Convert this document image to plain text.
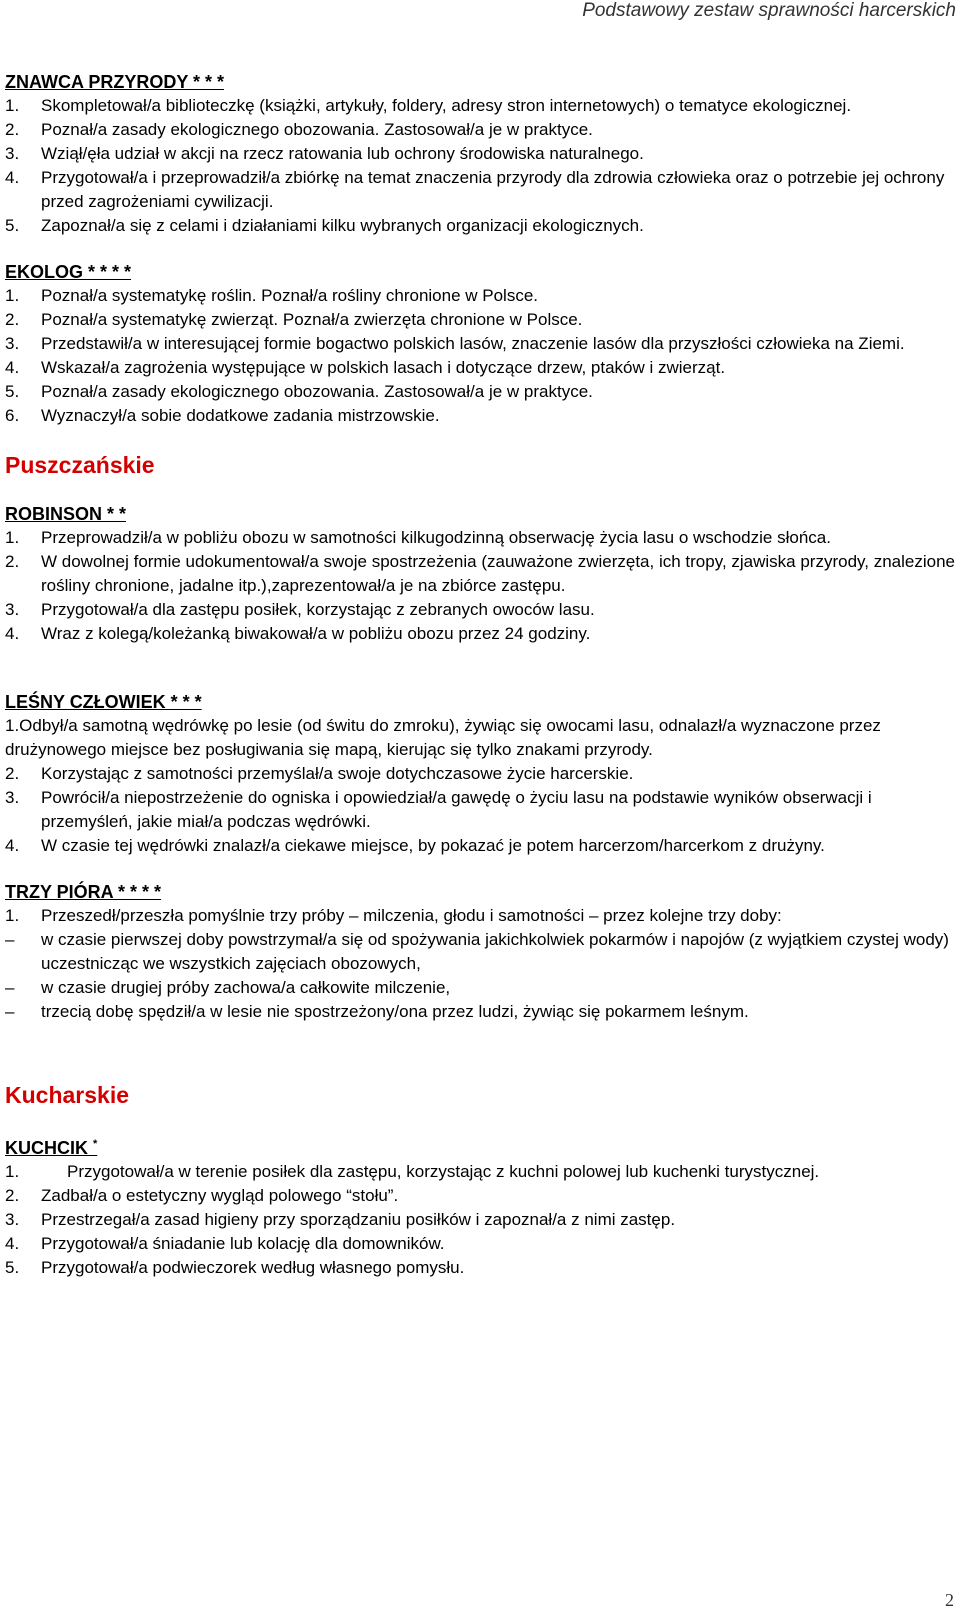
Podstawowy zestaw sprawności harcerskich

ZNAWCA PRZYRODY * * *

1. Skompletował/a biblioteczkę (książki, artykuły, foldery, adresy stron internetowych) o tematyce ekologicznej.
2. Poznał/a zasady ekologicznego obozowania. Zastosował/a je w praktyce.
3. Wziął/ęła udział w akcji na rzecz ratowania lub ochrony środowiska naturalnego.
4. Przygotował/a i przeprowadził/a zbiórkę na temat znaczenia przyrody dla zdrowia człowieka oraz o potrzebie jej ochrony przed zagrożeniami cywilizacji.
5. Zapoznał/a się z celami i działaniami kilku wybranych organizacji ekologicznych.

EKOLOG * * * *

1. Poznał/a systematykę roślin. Poznał/a rośliny chronione w Polsce.
2. Poznał/a systematykę zwierząt. Poznał/a zwierzęta chronione w Polsce.
3. Przedstawił/a w interesującej formie bogactwo polskich lasów, znaczenie lasów dla przyszłości człowieka na Ziemi.
4. Wskazał/a zagrożenia występujące w polskich lasach i dotyczące drzew, ptaków i zwierząt.
5. Poznał/a zasady ekologicznego obozowania. Zastosował/a je w praktyce.
6. Wyznaczył/a sobie dodatkowe zadania mistrzowskie.

Puszczańskie

ROBINSON * *

1. Przeprowadził/a w pobliżu obozu w samotności kilkugodzinną obserwację życia lasu o wschodzie słońca.
2. W dowolnej formie udokumentował/a swoje spostrzeżenia (zauważone zwierzęta, ich tropy, zjawiska przyrody, znalezione rośliny chronione, jadalne itp.),zaprezentował/a je na zbiórce zastępu.
3. Przygotował/a dla zastępu posiłek, korzystając z zebranych owoców lasu.
4. Wraz z kolegą/koleżanką biwakował/a w pobliżu obozu przez 24 godziny.

LEŚNY CZŁOWIEK * * *

1.Odbył/a samotną wędrówkę po lesie (od świtu do zmroku), żywiąc się owocami lasu, odnalazł/a wyznaczone przez drużynowego miejsce bez posługiwania się mapą, kierując się tylko znakami przyrody.
2. Korzystając z samotności przemyślał/a swoje dotychczasowe życie harcerskie.
3. Powrócił/a niepostrzeżenie do ogniska i opowiedział/a gawędę o życiu lasu na podstawie wyników obserwacji i przemyśleń, jakie miał/a podczas wędrówki.
4. W czasie tej wędrówki znalazł/a ciekawe miejsce, by pokazać je potem harcerzom/harcerkom z drużyny.

TRZY PIÓRA * * * *

1. Przeszedł/przeszła pomyślnie trzy próby – milczenia, głodu i samotności – przez kolejne trzy doby:
– w czasie pierwszej doby powstrzymał/a się od spożywania jakichkolwiek pokarmów i napojów (z wyjątkiem czystej wody) uczestnicząc we wszystkich zajęciach obozowych,
– w czasie drugiej próby zachowa/a całkowite milczenie,
– trzecią dobę spędził/a w lesie nie spostrzeżony/ona przez ludzi, żywiąc się pokarmem leśnym.

Kucharskie

KUCHCIK *

1.	Przygotował/a w terenie posiłek dla zastępu, korzystając z kuchni polowej lub kuchenki turystycznej.
2. Zadbał/a o estetyczny wygląd polowego “stołu”.
3. Przestrzegał/a zasad higieny przy sporządzaniu posiłków i zapoznał/a z nimi zastęp.
4. Przygotował/a śniadanie lub kolację dla domowników.
5. Przygotował/a podwieczorek według własnego pomysłu.
2
